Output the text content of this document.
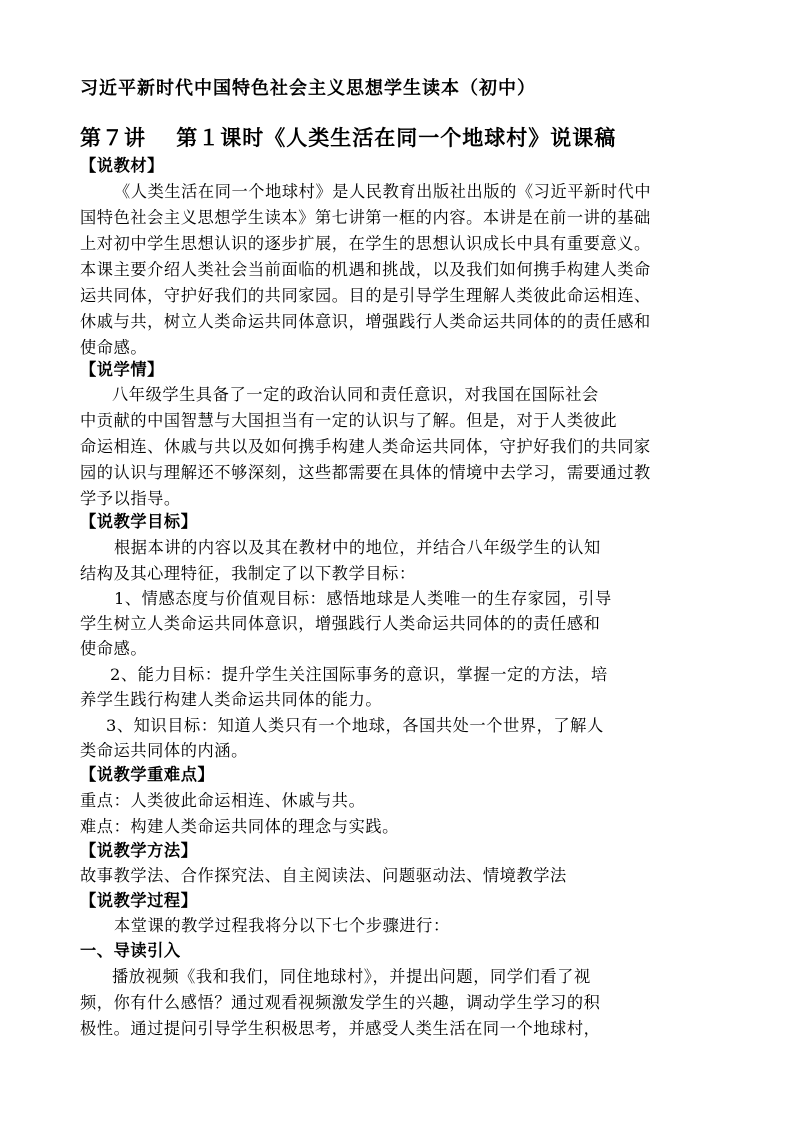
习近平新时代中国特色社会主义思想学生读本（初中）
第７讲　 第１课时《人类生活在同一个地球村》说课稿
【说教材】
《人类生活在同一个地球村》是人民教育出版社出版的《习近平新时代中
国特色社会主义思想学生读本》第七讲第一框的内容。本讲是在前一讲的基础
上对初中学生思想认识的逐步扩展，在学生的思想认识成长中具有重要意义。
本课主要介绍人类社会当前面临的机遇和挑战，以及我们如何携手构建人类命
运共同体，守护好我们的共同家园。目的是引导学生理解人类彼此命运相连、
休戚与共，树立人类命运共同体意识，增强践行人类命运共同体的的责任感和
使命感。
【说学情】
八年级学生具备了一定的政治认同和责任意识，对我国在国际社会
中贡献的中国智慧与大国担当有一定的认识与了解。但是，对于人类彼此
命运相连、休戚与共以及如何携手构建人类命运共同体，守护好我们的共同家
园的认识与理解还不够深刻，这些都需要在具体的情境中去学习，需要通过教
学予以指导。
【说教学目标】
根据本讲的内容以及其在教材中的地位，并结合八年级学生的认知
结构及其心理特征，我制定了以下教学目标：
1、情感态度与价值观目标：感悟地球是人类唯一的生存家园，引导
学生树立人类命运共同体意识，增强践行人类命运共同体的的责任感和
使命感。
2、能力目标：提升学生关注国际事务的意识，掌握一定的方法，培
养学生践行构建人类命运共同体的能力。
3、知识目标：知道人类只有一个地球，各国共处一个世界，了解人
类命运共同体的内涵。
【说教学重难点】
重点：人类彼此命运相连、休戚与共。
难点：构建人类命运共同体的理念与实践。
【说教学方法】
故事教学法、合作探究法、自主阅读法、问题驱动法、情境教学法
【说教学过程】
本堂课的教学过程我将分以下七个步骤进行：
一、导读引入
播放视频《我和我们，同住地球村》，并提出问题，同学们看了视
频，你有什么感悟？通过观看视频激发学生的兴趣，调动学生学习的积
极性。通过提问引导学生积极思考，并感受人类生活在同一个地球村，
